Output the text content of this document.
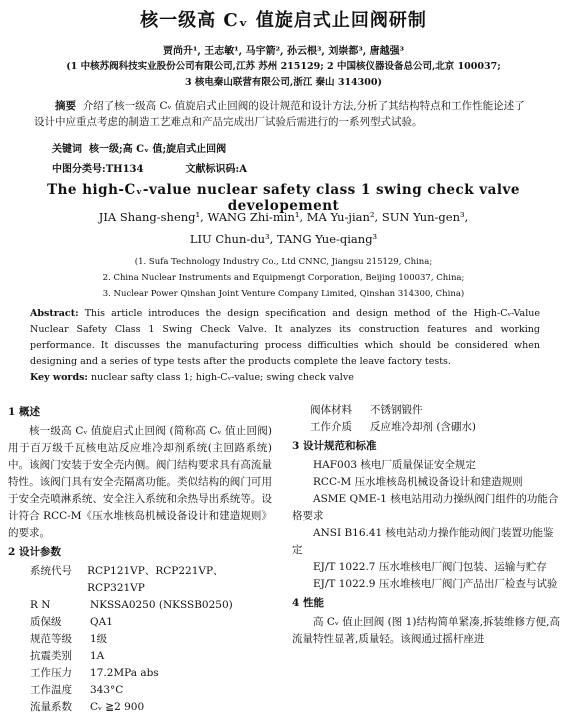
核一级高 Cᵥ 值旋启式止回阀研制
贾尚升¹, 王志敏¹, 马宇箭², 孙云根³, 刘崇都³, 唐越强³
(1 中核苏阀科技实业股份公司有限公司,江苏 苏州 215129; 2 中国核仪器设备总公司,北京 100037;
3 核电秦山联营有限公司,浙江 秦山 314300)
摘要 介绍了核一级高 Cᵥ 值旋启式止回阀的设计规范和设计方法,分析了其结构特点和工作性能论述了设计中应重点考虑的制造工艺难点和产品完成出厂试验后需进行的一系列型式试验。
关键词 核一级;高 Cᵥ 值;旋启式止回阀
中图分类号:TH134	文献标识码:A
The high-Cᵥ-value nuclear safety class 1 swing check valve developement
JIA Shang-sheng¹, WANG Zhi-min¹, MA Yu-jian², SUN Yun-gen³,
LIU Chun-du³, TANG Yue-qiang³
(1. Sufa Technology Industry Co., Ltd CNNC, Jiangsu 215129, China;
2. China Nuclear Instruments and Equipmengt Corporation, Beijing 100037, China;
3. Nuclear Power Qinshan Joint Venture Company Limited, Qinshan 314300, China)
Abstract: This article introduces the design specification and design method of the High-Cᵥ-Value Nuclear Safety Class 1 Swing Check Valve. It analyzes its construction features and working performance. It discusses the manufacturing process difficulties which should be considered when designing and a series of type tests after the products complete the leave factory tests.
Key words: nuclear safty class 1; high-Cᵥ-value; swing check valve
1 概述
核一级高 Cᵥ 值旋启式止回阀 (简称高 Cᵥ 值止回阀)用于百万级千瓦核电站反应堆冷却剂系统(主回路系统)中。该阀门安装于安全壳内侧。阀门结构要求具有高流量特性。该阀门具有安全壳隔离功能。类似结构的阀门可用于安全壳喷淋系统、安全注入系统和余热导出系统等。设计符合 RCC-M《压水堆核岛机械设备设计和建造规则》的要求。
2 设计参数
系统代号	RCP121VP、RCP221VP、RCP321VP
R N	NKSSA0250 (NKSSB0250)
质保级	QA1
规范等级	1级
抗震类别	1A
工作压力	17.2MPa abs
工作温度	343°C
流量系数	Cᵥ ≧2 900
阀体材料	不锈钢锻件
工作介质	反应堆冷却剂 (含硼水)
3 设计规范和标准
HAF003 核电厂质量保证安全规定
RCC-M 压水堆核岛机械设备设计和建造规则
ASME QME-1 核电站用动力操纵阀门组件的功能合格要求
ANSI B16.41 核电站动力操作能动阀门装置功能鉴定
EJ/T 1022.7 压水堆核电厂阀门包装、运输与贮存
EJ/T 1022.9 压水堆核电厂阀门产品出厂检查与试验
4 性能
高 Cᵥ 值止回阀 (图 1)结构简单紧凑,拆装维修方便,高流量特性显著,质量轻。该阀通过摇杆座进
